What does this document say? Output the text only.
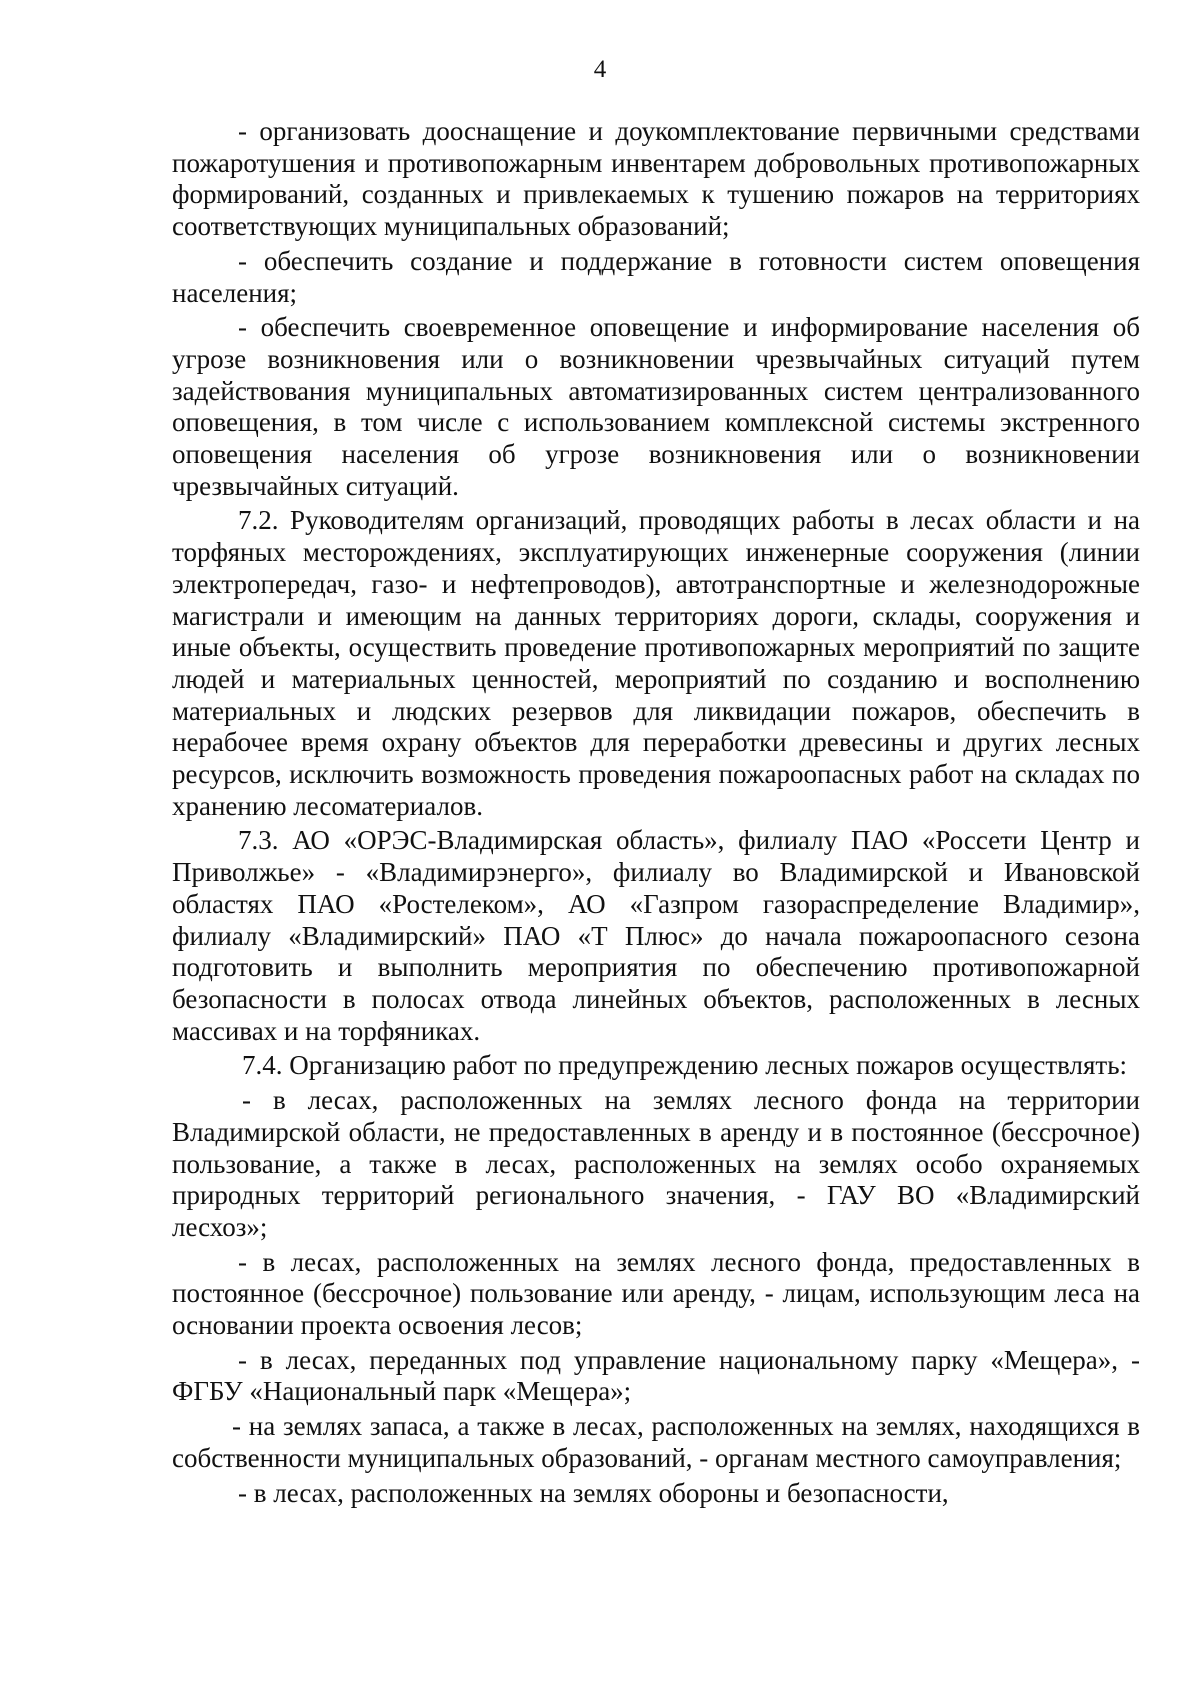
4

- организовать дооснащение и доукомплектование первичными средствами пожаротушения и противопожарным инвентарем добровольных противопожарных формирований, созданных и привлекаемых к тушению пожаров на территориях соответствующих муниципальных образований;

- обеспечить создание и поддержание в готовности систем оповещения населения;

- обеспечить своевременное оповещение и информирование населения об угрозе возникновения или о возникновении чрезвычайных ситуаций путем задействования муниципальных автоматизированных систем централизованного оповещения, в том числе с использованием комплексной системы экстренного оповещения населения об угрозе возникновения или о возникновении чрезвычайных ситуаций.

7.2. Руководителям организаций, проводящих работы в лесах области и на торфяных месторождениях, эксплуатирующих инженерные сооружения (линии электропередач, газо- и нефтепроводов), автотранспортные и железнодорожные магистрали и имеющим на данных территориях дороги, склады, сооружения и иные объекты, осуществить проведение противопожарных мероприятий по защите людей и материальных ценностей, мероприятий по созданию и восполнению материальных и людских резервов для ликвидации пожаров, обеспечить в нерабочее время охрану объектов для переработки древесины и других лесных ресурсов, исключить возможность проведения пожароопасных работ на складах по хранению лесоматериалов.

7.3. АО «ОРЭС-Владимирская область», филиалу ПАО «Россети Центр и Приволжье» - «Владимирэнерго», филиалу во Владимирской и Ивановской областях ПАО «Ростелеком», АО «Газпром газораспределение Владимир», филиалу «Владимирский» ПАО «Т Плюс» до начала пожароопасного сезона подготовить и выполнить мероприятия по обеспечению противопожарной безопасности в полосах отвода линейных объектов, расположенных в лесных массивах и на торфяниках.

7.4. Организацию работ по предупреждению лесных пожаров осуществлять:

- в лесах, расположенных на землях лесного фонда на территории Владимирской области, не предоставленных в аренду и в постоянное (бессрочное) пользование, а также в лесах, расположенных на землях особо охраняемых природных территорий регионального значения, - ГАУ ВО «Владимирский лесхоз»;

- в лесах, расположенных на землях лесного фонда, предоставленных в постоянное (бессрочное) пользование или аренду, - лицам, использующим леса на основании проекта освоения лесов;

- в лесах, переданных под управление национальному парку «Мещера», - ФГБУ «Национальный парк «Мещера»;

- на землях запаса, а также в лесах, расположенных на землях, находящихся в собственности муниципальных образований, - органам местного самоуправления;

- в лесах, расположенных на землях обороны и безопасности,
